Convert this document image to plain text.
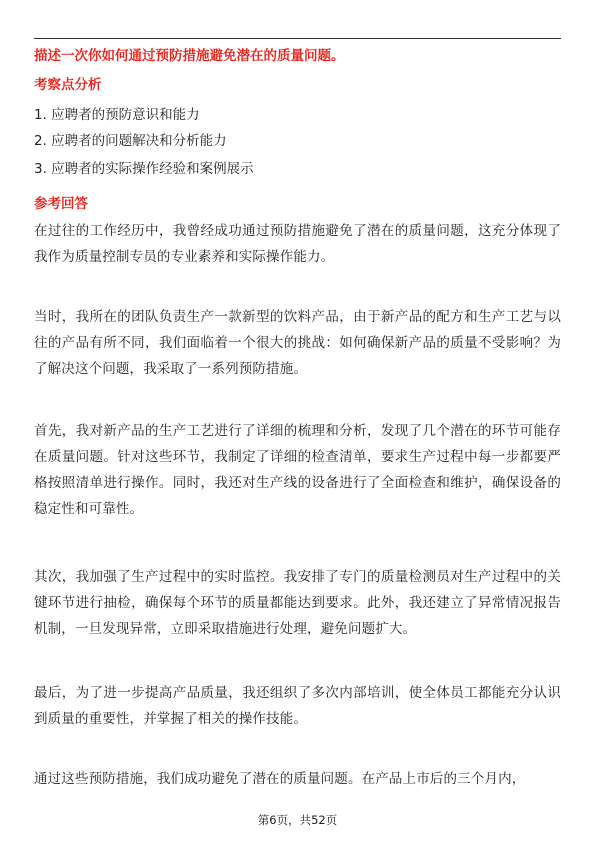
描述一次你如何通过预防措施避免潜在的质量问题。
考察点分析
1. 应聘者的预防意识和能力
2. 应聘者的问题解决和分析能力
3. 应聘者的实际操作经验和案例展示
参考回答
在过往的工作经历中，我曾经成功通过预防措施避免了潜在的质量问题，这充分体现了我作为质量控制专员的专业素养和实际操作能力。
当时，我所在的团队负责生产一款新型的饮料产品，由于新产品的配方和生产工艺与以往的产品有所不同，我们面临着一个很大的挑战：如何确保新产品的质量不受影响？为了解决这个问题，我采取了一系列预防措施。
首先，我对新产品的生产工艺进行了详细的梳理和分析，发现了几个潜在的环节可能存在质量问题。针对这些环节，我制定了详细的检查清单，要求生产过程中每一步都要严格按照清单进行操作。同时，我还对生产线的设备进行了全面检查和维护，确保设备的稳定性和可靠性。
其次，我加强了生产过程中的实时监控。我安排了专门的质量检测员对生产过程中的关键环节进行抽检，确保每个环节的质量都能达到要求。此外，我还建立了异常情况报告机制，一旦发现异常，立即采取措施进行处理，避免问题扩大。
最后，为了进一步提高产品质量，我还组织了多次内部培训，使全体员工都能充分认识到质量的重要性，并掌握了相关的操作技能。
通过这些预防措施，我们成功避免了潜在的质量问题。在产品上市后的三个月内，
第6页，共52页
